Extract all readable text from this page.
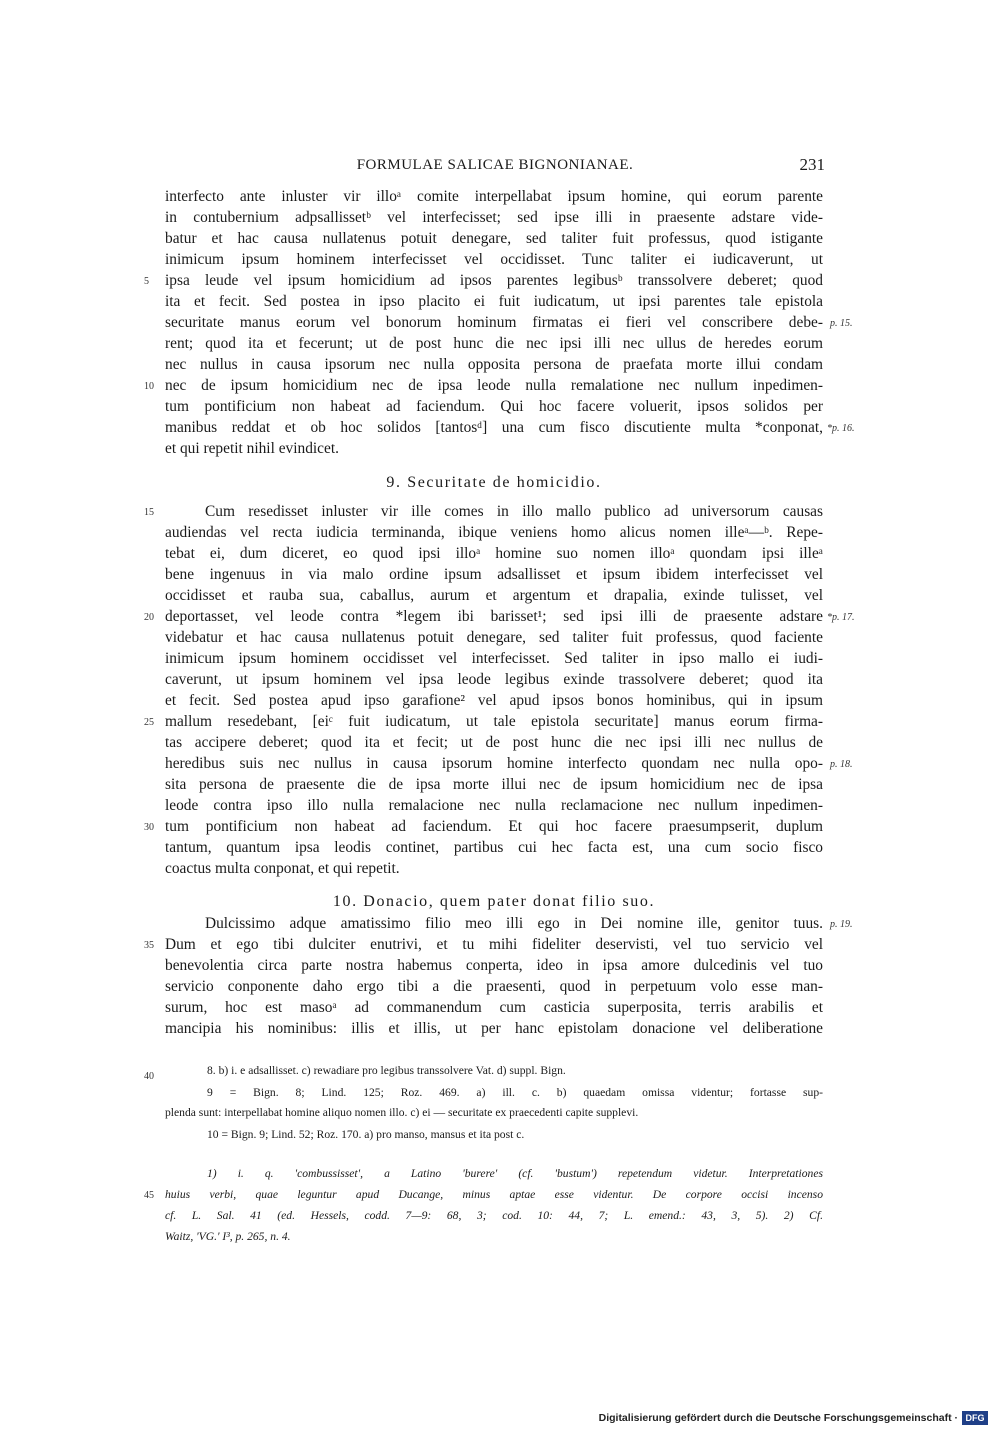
FORMULAE SALICAE BIGNONIANAE.	231
interfecto ante inluster vir illoᵃ comite interpellabat ipsum homine, qui eorum parente
in contubernium adpsallissetᵇ vel interfecisset; sed ipse illi in praesente adstare vide-
batur et hac causa nullatenus potuit denegare, sed taliter fuit professus, quod istigante
inimicum ipsum hominem interfecisset vel occidisset. Tunc taliter ei iudicaverunt, ut
ipsa leude vel ipsum homicidium ad ipsos parentes legibusᵇ transsolvere deberet; quod
ita et fecit. Sed postea in ipso placito ei fuit iudicatum, ut ipsi parentes tale epistola
securitate manus eorum vel bonorum hominum firmatas ei fieri vel conscribere debe-
rent; quod ita et fecerunt; ut de post hunc die nec ipsi illi nec ullus de heredes eorum
nec nullus in causa ipsorum nec nulla opposita persona de praefata morte illui condam
nec de ipsum homicidium nec de ipsa leode nulla remalatione nec nullum inpedimen-
tum pontificium non habeat ad faciendum. Qui hoc facere voluerit, ipsos solidos per
manibus reddat et ob hoc solidos [tantosᵈ] una cum fisco discutiente multa *conponat,
et qui repetit nihil evindicet.
9. Securitate de homicidio.
Cum resedisset inluster vir ille comes in illo mallo publico ad universorum causas
audiendas vel recta iudicia terminanda, ibique veniens homo alicus nomen illeᵃ—ᵇ. Repe-
tebat ei, dum diceret, eo quod ipsi illoᵃ homine suo nomen illoᵃ quondam ipsi illeᵃ
bene ingenuus in via malo ordine ipsum adsallisset et ipsum ibidem interfecisset vel
occidisset et rauba sua, caballus, aurum et argentum et drapalia, exinde tulisset, vel
deportasset, vel leode contra *legem ibi barisset¹; sed ipsi illi de praesente adstare
videbatur et hac causa nullatenus potuit denegare, sed taliter fuit professus, quod faciente
inimicum ipsum hominem occidisset vel interfecisset. Sed taliter in ipso mallo ei iudi-
caverunt, ut ipsum hominem vel ipsa leode legibus exinde trassolvere deberet; quod ita
et fecit. Sed postea apud ipso garafione² vel apud ipsos bonos hominibus, qui in ipsum
mallum resedebant, [eiᶜ fuit iudicatum, ut tale epistola securitate] manus eorum firma-
tas accipere deberet; quod ita et fecit; ut de post hunc die nec ipsi illi nec nullus de
heredibus suis nec nullus in causa ipsorum homine interfecto quondam nec nulla opo-
sita persona de praesente die de ipsa morte illui nec de ipsum homicidium nec de ipsa
leode contra ipso illo nulla remalacione nec nulla reclamacione nec nullum inpedimen-
tum pontificium non habeat ad faciendum. Et qui hoc facere praesumpserit, duplum
tantum, quantum ipsa leodis continet, partibus cui hec facta est, una cum socio fisco
coactus multa conponat, et qui repetit.
10. Donacio, quem pater donat filio suo.
Dulcissimo adque amatissimo filio meo illi ego in Dei nomine ille, genitor tuus.
Dum et ego tibi dulciter enutrivi, et tu mihi fideliter deservisti, vel tuo servicio vel
benevolentia circa parte nostra habemus conperta, ideo in ipsa amore dulcedinis vel tuo
servicio conponente daho ergo tibi a die praesenti, quod in perpetuum volo esse man-
surum, hoc est masoᵃ ad commanendum cum casticia superposita, terris arabilis et
mancipia his nominibus: illis et illis, ut per hanc epistolam donacione vel deliberatione
5
10
15
20
25
30
35
p. 15.
*p. 16.
*p. 17.
p. 18.
p. 19.
40	8. b) i. e adsallisset. c) rewadiare pro legibus transsolvere Vat. d) suppl. Bign.
9 = Bign. 8; Lind. 125; Roz. 469. a) ill. c. b) quaedam omissa videntur; fortasse sup-
plenda sunt: interpellabat homine aliquo nomen illo. c) ei — securitate ex praecedenti capite supplevi.
10 = Bign. 9; Lind. 52; Roz. 170. a) pro manso, mansus et ita post c.
1) i. q. 'combussisset', a Latino 'burere' (cf. 'bustum') repetendum videtur. Interpretationes
45 huius verbi, quae leguntur apud Ducange, minus aptae esse videntur. De corpore occisi incenso
cf. L. Sal. 41 (ed. Hessels, codd. 7—9: 68, 3; cod. 10: 44, 7; L. emend.: 43, 3, 5). 2) Cf.
Waitz, 'VG.' I³, p. 265, n. 4.
Digitalisierung gefördert durch die Deutsche Forschungsgemeinschaft · DFG
